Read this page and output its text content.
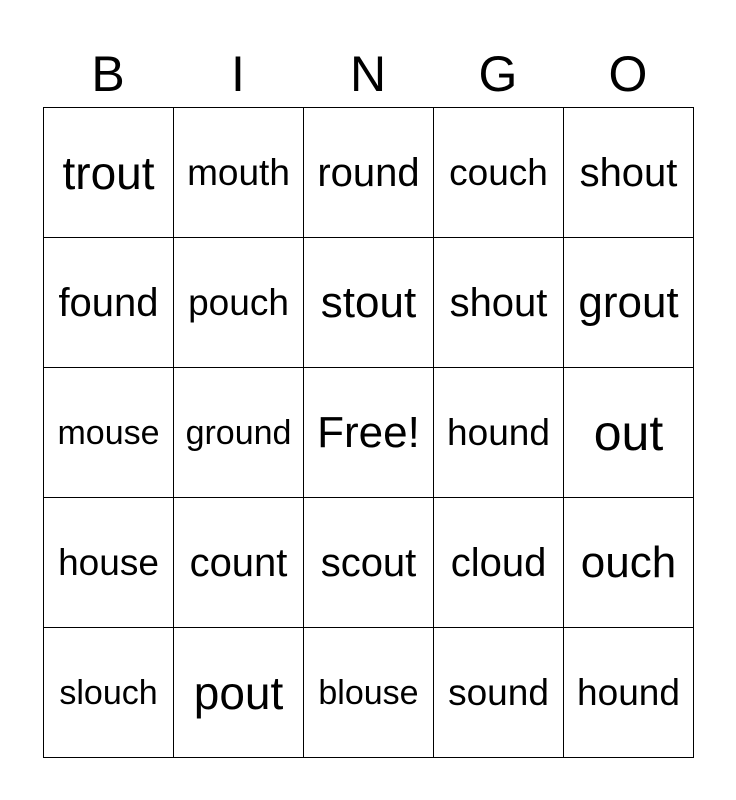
B	I	N	G	O
trout mouth round couch shout
found pouch stout shout grout
mouse ground Free! hound out
house count scout cloud ouch
slouch pout	blouse sound hound
